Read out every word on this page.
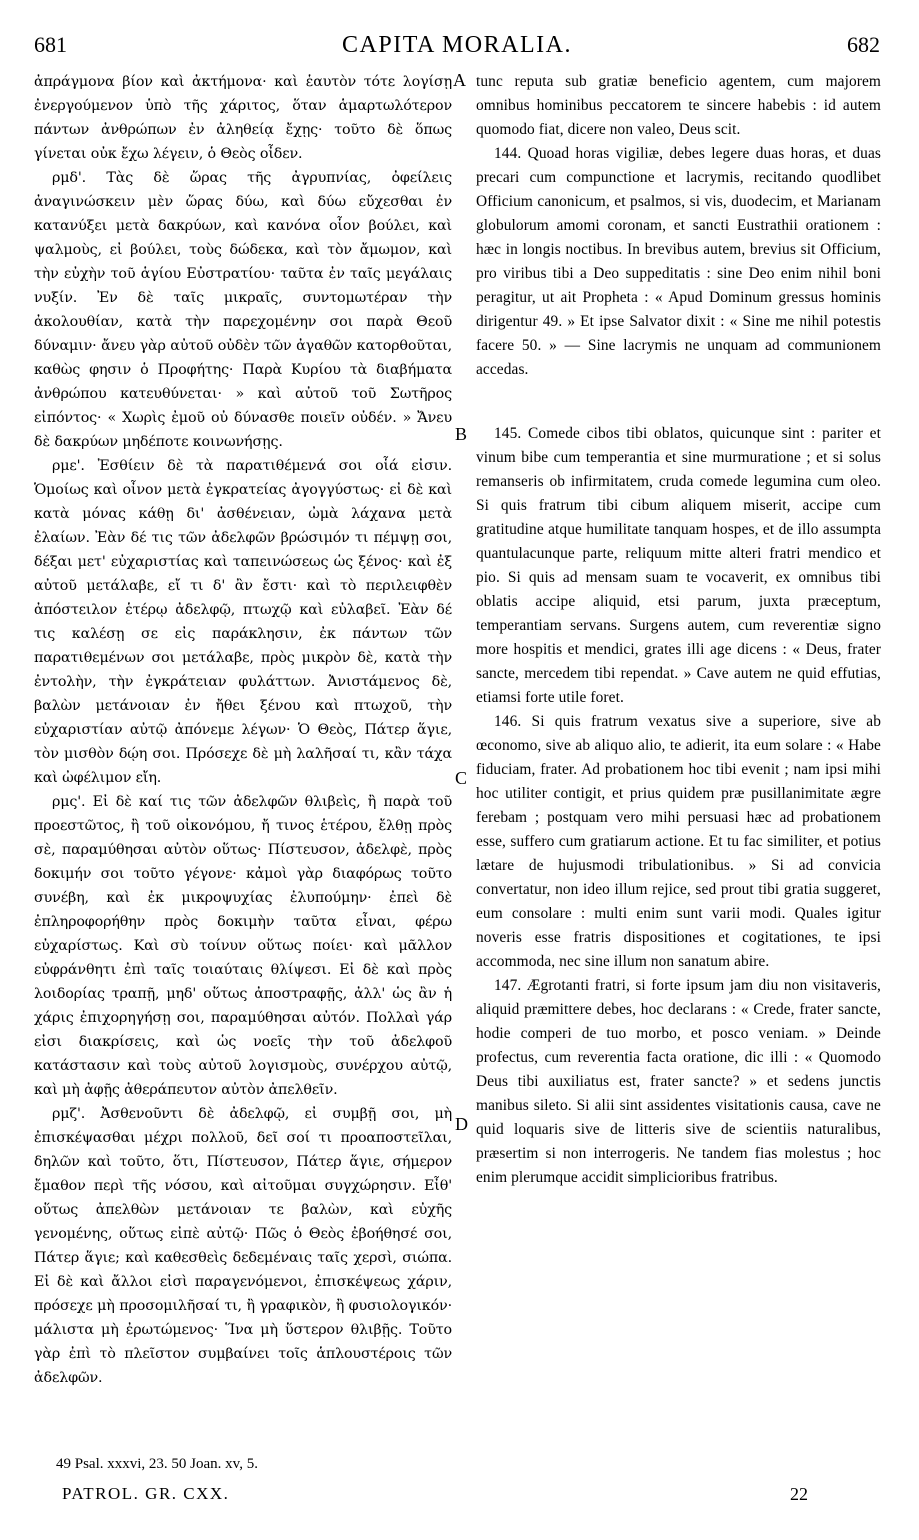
681	CAPITA MORALIA.	682

ἀπράγμονα βίον καὶ ἀκτήμονα· καὶ ἑαυτὸν τότε λογίσῃ ἐνεργούμενον ὑπὸ τῆς χάριτος, ὅταν ἁμαρτωλότερον πάντων ἀνθρώπων ἐν ἀληθείᾳ ἔχῃς· τοῦτο δὲ ὅπως γίνεται οὐκ ἔχω λέγειν, ὁ Θεὸς οἶδεν.

ρμδ'. Τὰς δὲ ὥρας τῆς ἀγρυπνίας, ὀφείλεις ἀναγινώσκειν μὲν ὥρας δύω, καὶ δύω εὔχεσθαι ἐν κατανύξει μετὰ δακρύων, καὶ κανόνα οἷον βούλει, καὶ ψαλμοὺς, εἰ βούλει, τοὺς δώδεκα, καὶ τὸν ἄμωμον, καὶ τὴν εὐχὴν τοῦ ἁγίου Εὐστρατίου· ταῦτα ἐν ταῖς μεγάλαις νυξίν. Ἐν δὲ ταῖς μικραῖς, συντομωτέραν τὴν ἀκολουθίαν, κατὰ τὴν παρεχομένην σοι παρὰ Θεοῦ δύναμιν· ἄνευ γὰρ αὐτοῦ οὐδὲν τῶν ἀγαθῶν κατορθοῦται, καθὼς φησιν ὁ Προφήτης· Παρὰ Κυρίου τὰ διαβήματα ἀνθρώπου κατευθύνεται· » καὶ αὐτοῦ τοῦ Σωτῆρος εἰπόντος· « Χωρὶς ἐμοῦ οὐ δύνασθε ποιεῖν οὐδέν. » Ἄνευ δὲ δακρύων μηδέποτε κοινωνήσῃς.

ρμε'. Ἐσθίειν δὲ τὰ παρατιθέμενά σοι οἷά εἰσιν. Ὁμοίως καὶ οἶνον μετὰ ἐγκρατείας ἀγογγύστως· εἰ δὲ καὶ κατὰ μόνας κάθῃ δι' ἀσθένειαν, ὠμὰ λάχανα μετὰ ἐλαίων. Ἐὰν δέ τις τῶν ἀδελφῶν βρώσιμόν τι πέμψῃ σοι, δέξαι μετ' εὐχαριστίας καὶ ταπεινώσεως ὡς ξένος· καὶ ἐξ αὐτοῦ μετάλαβε, εἴ τι δ' ἂν ἔστι· καὶ τὸ περιλειφθὲν ἀπόστειλον ἑτέρῳ ἀδελφῷ, πτωχῷ καὶ εὐλαβεῖ. Ἐὰν δέ τις καλέσῃ σε εἰς παράκλησιν, ἐκ πάντων τῶν παρατιθεμένων σοι μετάλαβε, πρὸς μικρὸν δὲ, κατὰ τὴν ἐντολὴν, τὴν ἐγκράτειαν φυλάττων. Ἀνιστάμενος δὲ, βαλὼν μετάνοιαν ἐν ἤθει ξένου καὶ πτωχοῦ, τὴν εὐχαριστίαν αὐτῷ ἀπόνεμε λέγων· Ὁ Θεὸς, Πάτερ ἅγιε, τὸν μισθὸν δῴη σοι. Πρόσεχε δὲ μὴ λαλῆσαί τι, κἂν τάχα καὶ ὠφέλιμον εἴη.

ρμς'. Εἰ δὲ καί τις τῶν ἀδελφῶν θλιβεὶς, ἢ παρὰ τοῦ προεστῶτος, ἢ τοῦ οἰκονόμου, ἤ τινος ἑτέρου, ἔλθῃ πρὸς σὲ, παραμύθησαι αὐτὸν οὕτως· Πίστευσον, ἀδελφὲ, πρὸς δοκιμήν σοι τοῦτο γέγονε· κἀμοὶ γὰρ διαφόρως τοῦτο συνέβη, καὶ ἐκ μικροψυχίας ἐλυπούμην· ἐπεὶ δὲ ἐπληροφορήθην πρὸς δοκιμὴν ταῦτα εἶναι, φέρω εὐχαρίστως. Καὶ σὺ τοίνυν οὕτως ποίει· καὶ μᾶλλον εὐφράνθητι ἐπὶ ταῖς τοιαύταις θλίψεσι. Εἰ δὲ καὶ πρὸς λοιδορίας τραπῇ, μηδ' οὕτως ἀποστραφῇς, ἀλλ' ὡς ἂν ἡ χάρις ἐπιχορηγήσῃ σοι, παραμύθησαι αὐτόν. Πολλαὶ γάρ εἰσι διακρίσεις, καὶ ὡς νοεῖς τὴν τοῦ ἀδελφοῦ κατάστασιν καὶ τοὺς αὐτοῦ λογισμοὺς, συνέρχου αὐτῷ, καὶ μὴ ἀφῇς ἀθεράπευτον αὐτὸν ἀπελθεῖν.

ρμζ'. Ἀσθενοῦντι δὲ ἀδελφῷ, εἰ συμβῇ σοι, μὴ ἐπισκέψασθαι μέχρι πολλοῦ, δεῖ σοί τι προαποστεῖλαι, δηλῶν καὶ τοῦτο, ὅτι, Πίστευσον, Πάτερ ἅγιε, σήμερον ἔμαθον περὶ τῆς νόσου, καὶ αἰτοῦμαι συγχώρησιν. Εἶθ' οὕτως ἀπελθὼν μετάνοιαν τε βαλὼν, καὶ εὐχῆς γενομένης, οὕτως εἰπὲ αὐτῷ· Πῶς ὁ Θεὸς ἐβοήθησέ σοι, Πάτερ ἅγιε; καὶ καθεσθεὶς δεδεμέναις ταῖς χερσὶ, σιώπα. Εἰ δὲ καὶ ἄλλοι εἰσὶ παραγενόμενοι, ἐπισκέψεως χάριν, πρόσεχε μὴ προσομιλῆσαί τι, ἢ γραφικὸν, ἢ φυσιολογικόν· μάλιστα μὴ ἐρωτώμενος· Ἵνα μὴ ὕστερον θλιβῇς. Τοῦτο γὰρ ἐπὶ τὸ πλεῖστον συμβαίνει τοῖς ἁπλουστέροις τῶν ἀδελφῶν.

A
B
C
D

tunc reputa sub gratiæ beneficio agentem, cum majorem omnibus hominibus peccatorem te sincere habebis : id autem quomodo fiat, dicere non valeo, Deus scit.

144. Quoad horas vigiliæ, debes legere duas horas, et duas precari cum compunctione et lacrymis, recitando quodlibet Officium canonicum, et psalmos, si vis, duodecim, et Marianam globulorum amomi coronam, et sancti Eustrathii orationem : hæc in longis noctibus. In brevibus autem, brevius sit Officium, pro viribus tibi a Deo suppeditatis : sine Deo enim nihil boni peragitur, ut ait Propheta : « Apud Dominum gressus hominis dirigentur 49. » Et ipse Salvator dixit : « Sine me nihil potestis facere 50. » — Sine lacrymis ne unquam ad communionem accedas.

145. Comede cibos tibi oblatos, quicunque sint : pariter et vinum bibe cum temperantia et sine murmuratione ; et si solus remanseris ob infirmitatem, cruda comede legumina cum oleo. Si quis fratrum tibi cibum aliquem miserit, accipe cum gratitudine atque humilitate tanquam hospes, et de illo assumpta quantulacunque parte, reliquum mitte alteri fratri mendico et pio. Si quis ad mensam suam te vocaverit, ex omnibus tibi oblatis accipe aliquid, etsi parum, juxta præceptum, temperantiam servans. Surgens autem, cum reverentiæ signo more hospitis et mendici, grates illi age dicens : « Deus, frater sancte, mercedem tibi rependat. » Cave autem ne quid effutias, etiamsi forte utile foret.

146. Si quis fratrum vexatus sive a superiore, sive ab œconomo, sive ab aliquo alio, te adierit, ita eum solare : « Habe fiduciam, frater. Ad probationem hoc tibi evenit ; nam ipsi mihi hoc utiliter contigit, et prius quidem præ pusillanimitate ægre ferebam ; postquam vero mihi persuasi hæc ad probationem esse, suffero cum gratiarum actione. Et tu fac similiter, et potius lætare de hujusmodi tribulationibus. » Si ad convicia convertatur, non ideo illum rejice, sed prout tibi gratia suggeret, eum consolare : multi enim sunt varii modi. Quales igitur noveris esse fratris dispositiones et cogitationes, te ipsi accommoda, nec sine illum non sanatum abire.

147. Ægrotanti fratri, si forte ipsum jam diu non visitaveris, aliquid præmittere debes, hoc declarans : « Crede, frater sancte, hodie comperi de tuo morbo, et posco veniam. » Deinde profectus, cum reverentia facta oratione, dic illi : « Quomodo Deus tibi auxiliatus est, frater sancte? » et sedens junctis manibus sileto. Si alii sint assidentes visitationis causa, cave ne quid loquaris sive de litteris sive de scientiis naturalibus, præsertim si non interrogeris. Ne tandem fias molestus ; hoc enim plerumque accidit simplicioribus fratribus.

49 Psal. xxxvi, 23. 50 Joan. xv, 5.
PATROL. GR. CXX.	22
